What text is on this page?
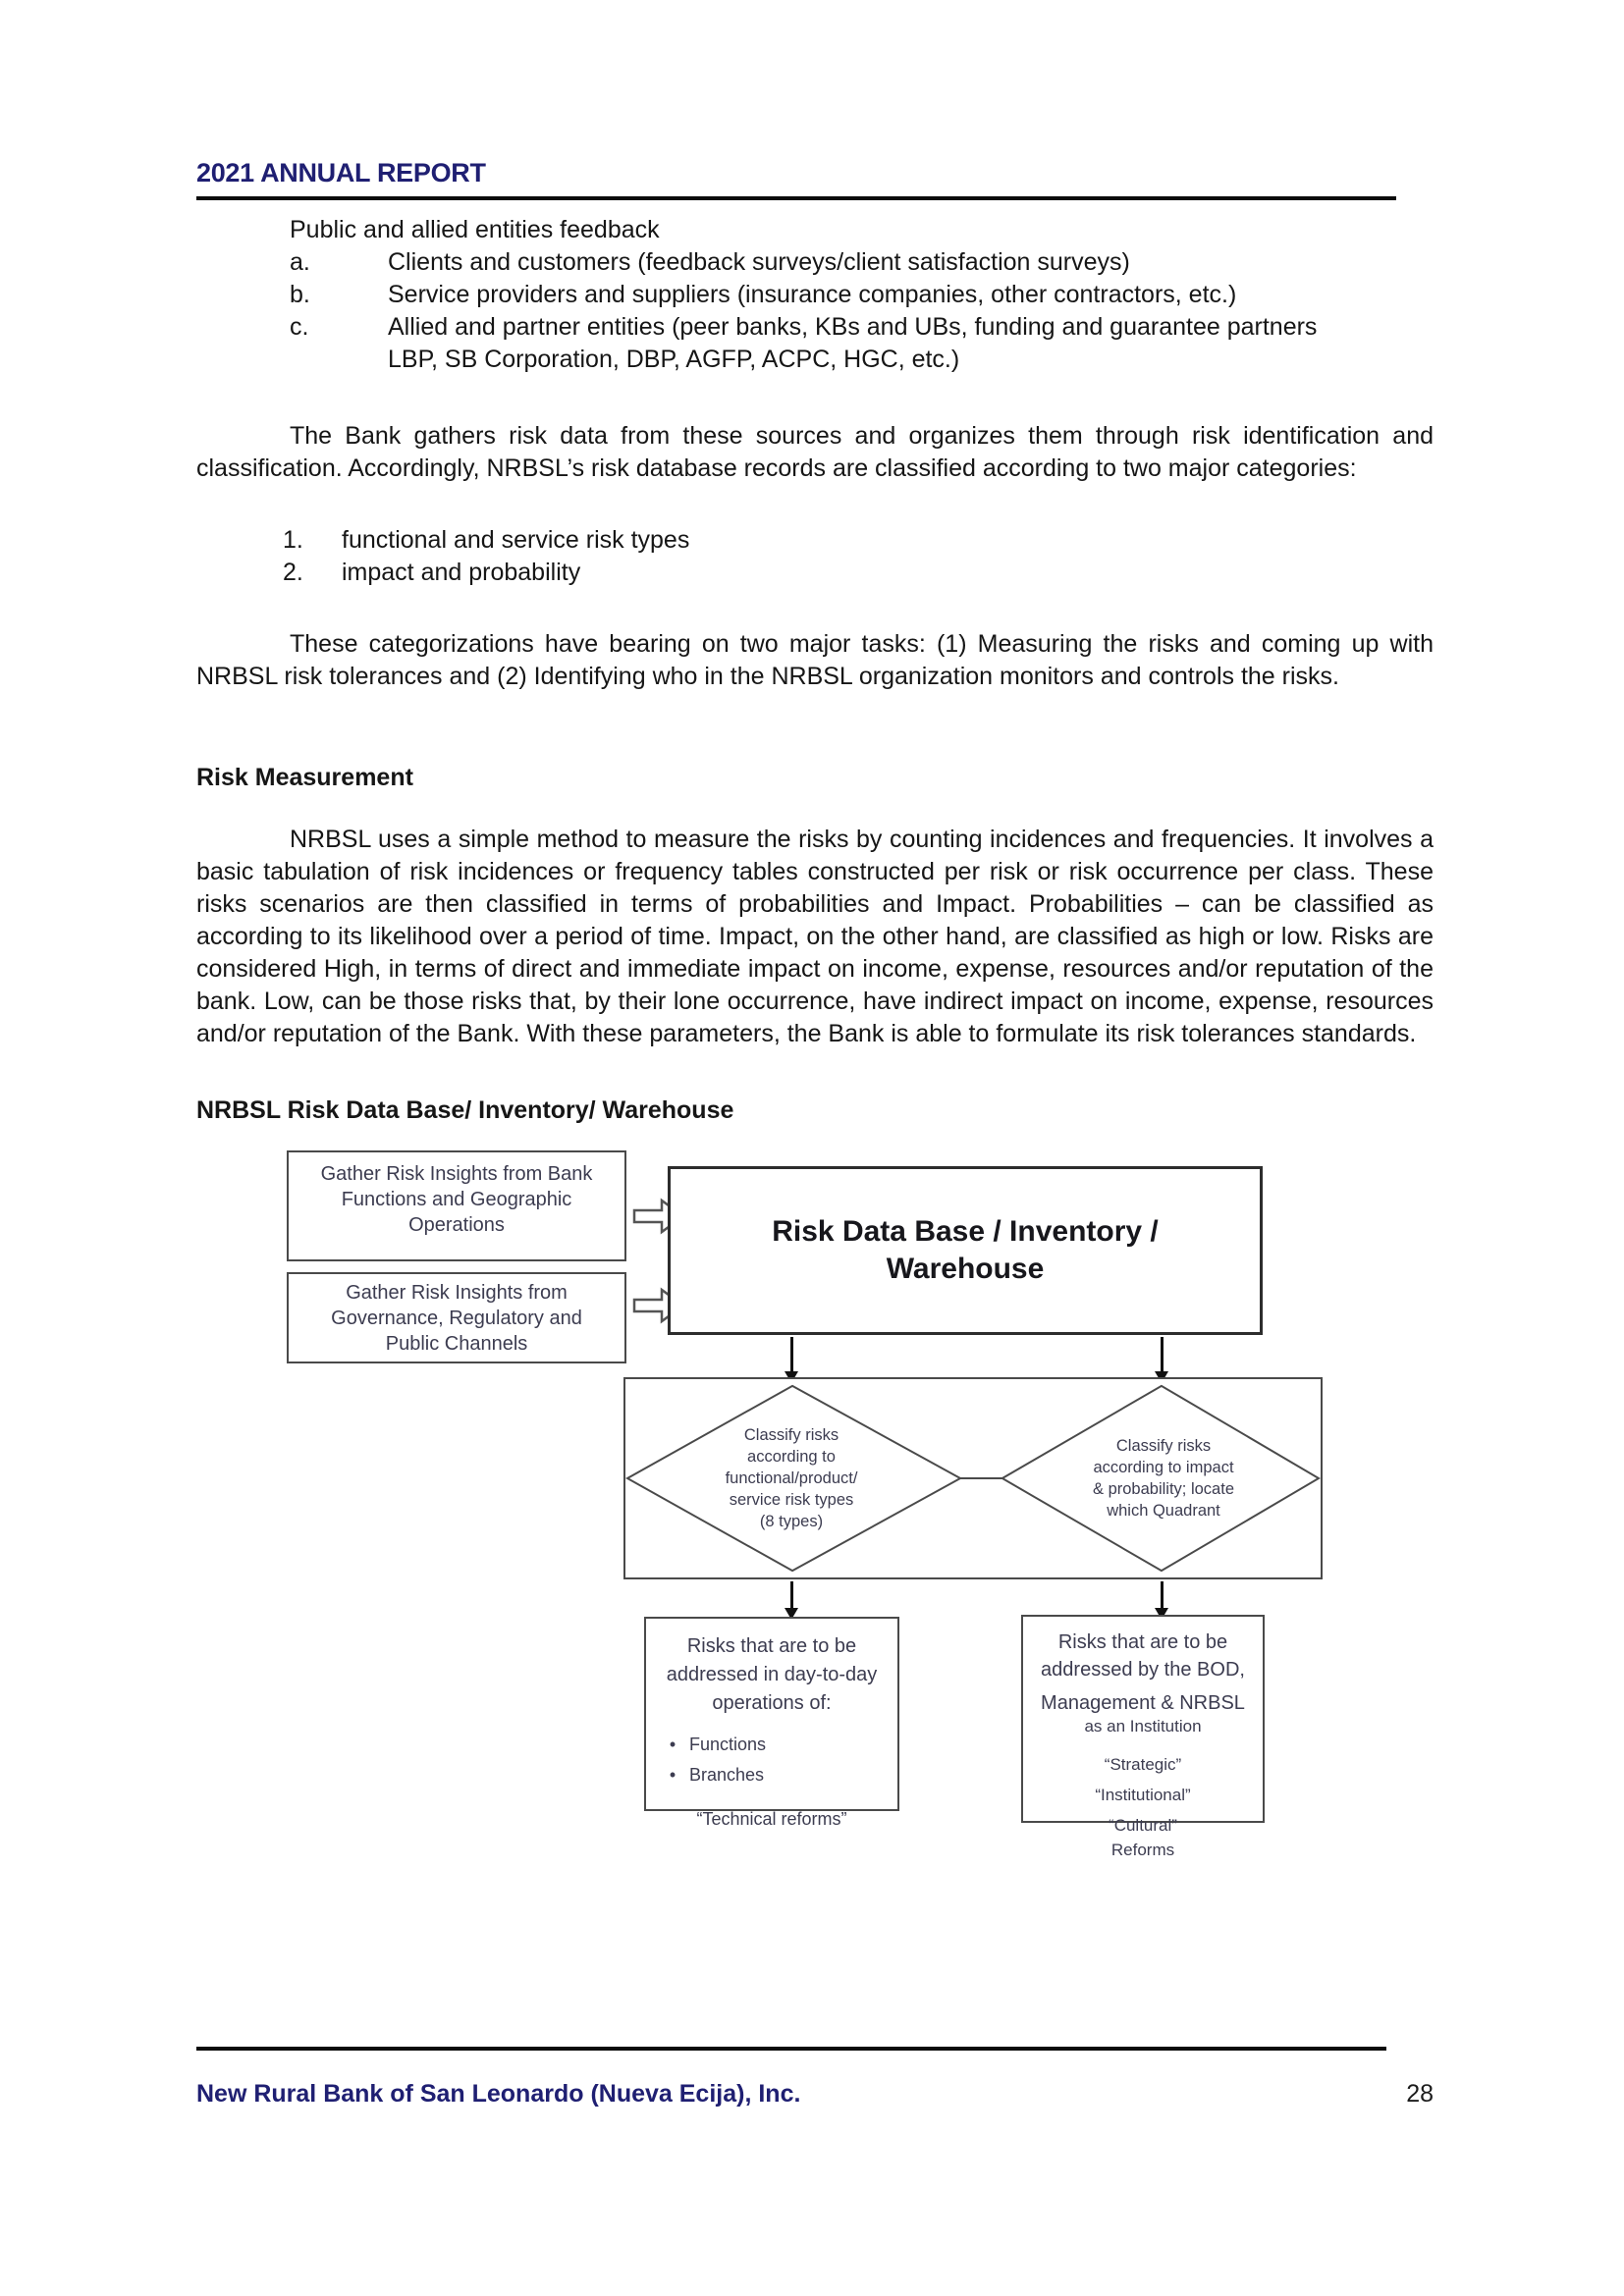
2021 ANNUAL REPORT
Public and allied entities feedback
a.	Clients and customers (feedback surveys/client satisfaction surveys)
b.	Service providers and suppliers (insurance companies, other contractors, etc.)
c.	Allied and partner entities (peer banks, KBs and UBs, funding and guarantee partners
LBP, SB Corporation, DBP, AGFP, ACPC, HGC, etc.)
The Bank gathers risk data from these sources and organizes them through risk identification and classification. Accordingly, NRBSL’s risk database records are classified according to two major categories:
1.	functional and service risk types
2.	impact and probability
These categorizations have bearing on two major tasks: (1) Measuring the risks and coming up with NRBSL risk tolerances and (2) Identifying who in the NRBSL organization monitors and controls the risks.
Risk Measurement
NRBSL uses a simple method to measure the risks by counting incidences and frequencies. It involves a basic tabulation of risk incidences or frequency tables constructed per risk or risk occurrence per class. These risks scenarios are then classified in terms of probabilities and Impact. Probabilities – can be classified as according to its likelihood over a period of time. Impact, on the other hand, are classified as high or low. Risks are considered High, in terms of direct and immediate impact on income, expense, resources and/or reputation of the bank. Low, can be those risks that, by their lone occurrence, have indirect impact on income, expense, resources and/or reputation of the Bank. With these parameters, the Bank is able to formulate its risk tolerances standards.
NRBSL Risk Data Base/ Inventory/ Warehouse
Gather Risk Insights from Bank
Functions and Geographic
Operations
Gather Risk Insights from
Governance, Regulatory and
Public Channels
Risk Data Base / Inventory /
Warehouse
Classify risks
according to
functional/product/
service risk types
(8 types)
Classify risks
according to impact
& probability; locate
which Quadrant
Risks that are to be
addressed in day-to-day
operations of:
• Functions
• Branches
“Technical reforms”
Risks that are to be
addressed by the BOD,
Management & NRBSL
as an Institution
“Strategic”
“Institutional”
“Cultural”
Reforms
New Rural Bank of San Leonardo (Nueva Ecija), Inc.	28
